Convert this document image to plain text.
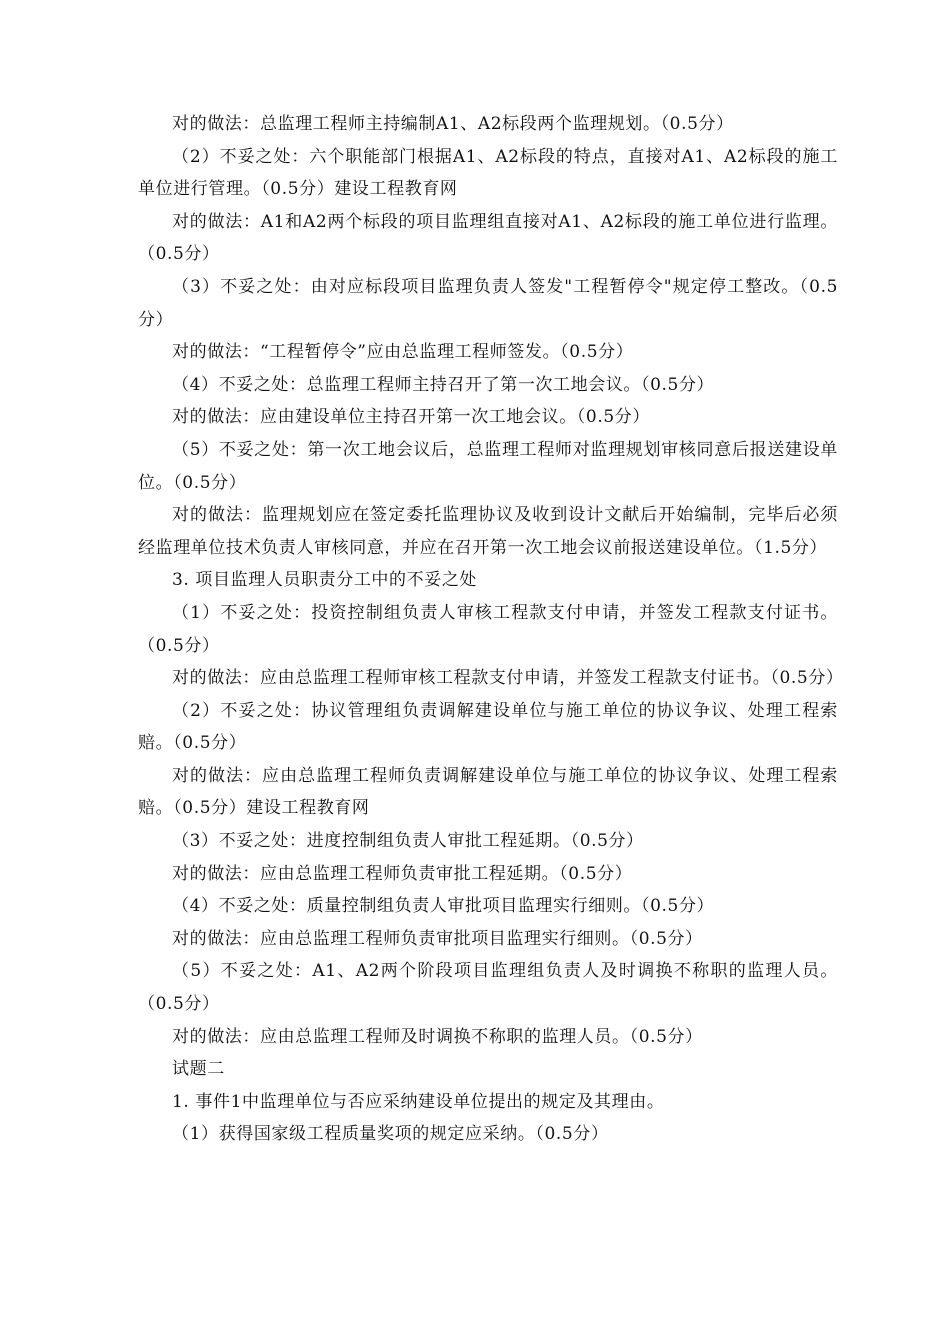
对的做法：总监理工程师主持编制A1、A2标段两个监理规划。（0.5分）

（2）不妥之处：六个职能部门根据A1、A2标段的特点，直接对A1、A2标段的施工单位进行管理。（0.5分）建设工程教育网

对的做法：A1和A2两个标段的项目监理组直接对A1、A2标段的施工单位进行监理。（0.5分）

（3）不妥之处：由对应标段项目监理负责人签发"工程暂停令"规定停工整改。（0.5分）

对的做法：“工程暂停令”应由总监理工程师签发。（0.5分）

（4）不妥之处：总监理工程师主持召开了第一次工地会议。（0.5分）

对的做法：应由建设单位主持召开第一次工地会议。（0.5分）

（5）不妥之处：第一次工地会议后，总监理工程师对监理规划审核同意后报送建设单位。（0.5分）

对的做法：监理规划应在签定委托监理协议及收到设计文献后开始编制，完毕后必须经监理单位技术负责人审核同意，并应在召开第一次工地会议前报送建设单位。（1.5分）

3. 项目监理人员职责分工中的不妥之处

（1）不妥之处：投资控制组负责人审核工程款支付申请，并签发工程款支付证书。（0.5分）

对的做法：应由总监理工程师审核工程款支付申请，并签发工程款支付证书。（0.5分）

（2）不妥之处：协议管理组负责调解建设单位与施工单位的协议争议、处理工程索赔。（0.5分）

对的做法：应由总监理工程师负责调解建设单位与施工单位的协议争议、处理工程索赔。（0.5分）建设工程教育网

（3）不妥之处：进度控制组负责人审批工程延期。（0.5分）

对的做法：应由总监理工程师负责审批工程延期。（0.5分）

（4）不妥之处：质量控制组负责人审批项目监理实行细则。（0.5分）

对的做法：应由总监理工程师负责审批项目监理实行细则。（0.5分）

（5）不妥之处：A1、A2两个阶段项目监理组负责人及时调换不称职的监理人员。（0.5分）

对的做法：应由总监理工程师及时调换不称职的监理人员。（0.5分）

试题二

1. 事件1中监理单位与否应采纳建设单位提出的规定及其理由。

（1）获得国家级工程质量奖项的规定应采纳。（0.5分）
